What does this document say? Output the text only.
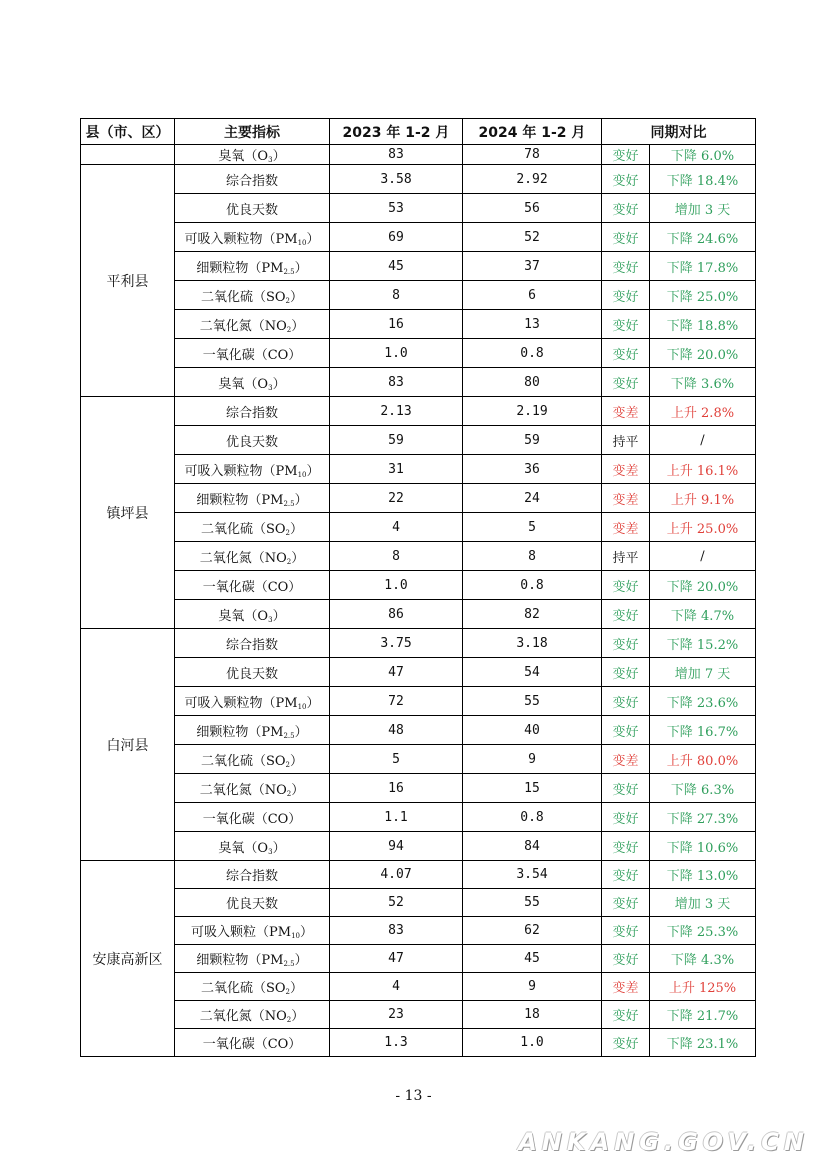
县（市、区）	主要指标	2023 年 1-2 月	2024 年 1-2 月	同期对比	
	臭氧$(O_3)$	83	78	变好	下降 6.0%
平利县	综合指数	3.58	2.92	变好	下降 18.4%
	优良天数	53	56	变好	增加 3 天
	可吸入颗粒物$(PM_{10})$	69	52	变好	下降 24.6%
	细颗粒物$(PM_{2.5})$	45	37	变好	下降 17.8%
	二氧化硫$(SO_2)$	8	6	变好	下降 25.0%
	二氧化氮$(NO_2)$	16	13	变好	下降 18.8%
	一氧化碳（CO）	1.0	0.8	变好	下降 20.0%
	臭氧$(O_3)$	83	80	变好	下降 3.6%
镇坪县	综合指数	2.13	2.19	变差	上升 2.8%
	优良天数	59	59	持平	/
	可吸入颗粒物$(PM_{10})$	31	36	变差	上升 16.1%
	细颗粒物$(PM_{2.5})$	22	24	变差	上升 9.1%
	二氧化硫$(SO_2)$	4	5	变差	上升 25.0%
	二氧化氮$(NO_2)$	8	8	持平	/
	一氧化碳（CO）	1.0	0.8	变好	下降 20.0%
	臭氧$(O_3)$	86	82	变好	下降 4.7%
白河县	综合指数	3.75	3.18	变好	下降 15.2%
	优良天数	47	54	变好	增加 7 天
	可吸入颗粒物$(PM_{10})$	72	55	变好	下降 23.6%
	细颗粒物$(PM_{2.5})$	48	40	变好	下降 16.7%
	二氧化硫$(SO_2)$	5	9	变差	上升 80.0%
	二氧化氮$(NO_2)$	16	15	变好	下降 6.3%
	一氧化碳（CO）	1.1	0.8	变好	下降 27.3%
	臭氧$(O_3)$	94	84	变好	下降 10.6%
安康高新区	综合指数	4.07	3.54	变好	下降 13.0%
	优良天数	52	55	变好	增加 3 天
	可吸入颗粒$(PM_{10})$	83	62	变好	下降 25.3%
	细颗粒物$(PM_{2.5})$	47	45	变好	下降 4.3%
	二氧化硫$(SO_2)$	4	9	变差	上升 125%
	二氧化氮$(NO_2)$	23	18	变好	下降 21.7%
	一氧化碳（CO）	1.3	1.0	变好	下降 23.1%
- 13 -
ANKANG.GOV.CN
